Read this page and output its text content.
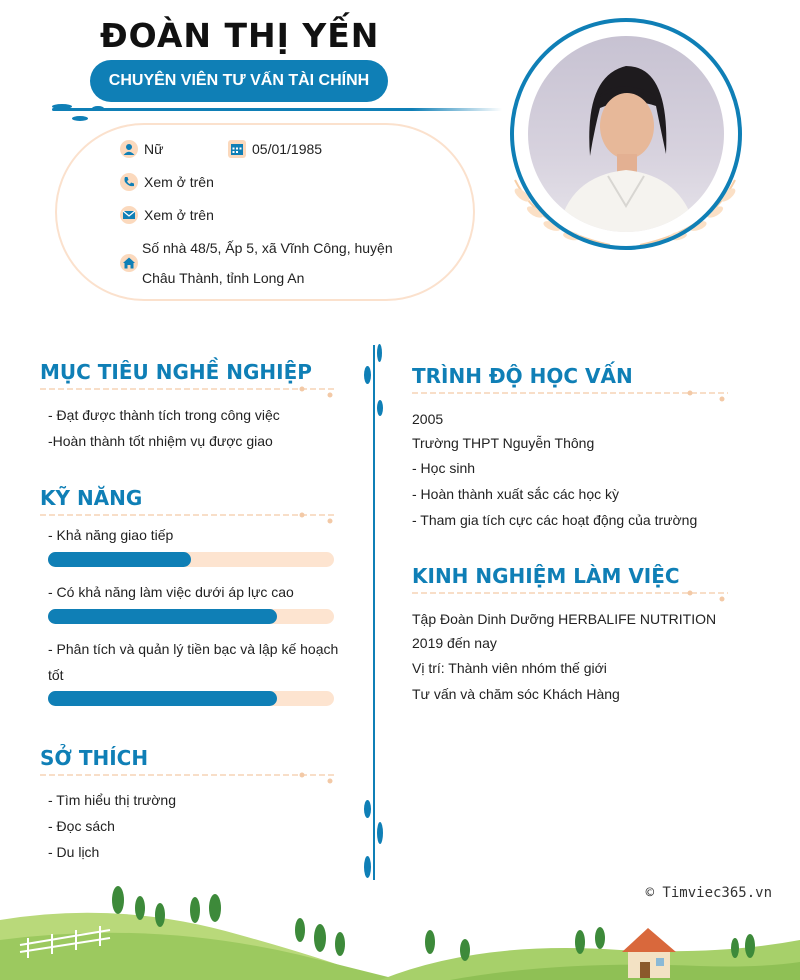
ĐOÀN THỊ YẾN
CHUYÊN VIÊN TƯ VẤN TÀI CHÍNH
Nữ	05/01/1985
Xem ở trên
Xem ở trên
Số nhà 48/5, Ấp 5, xã Vĩnh Công, huyện
Châu Thành, tỉnh Long An
MỤC TIÊU NGHỀ NGHIỆP
- Đạt được thành tích trong công việc
-Hoàn thành tốt nhiệm vụ được giao
KỸ NĂNG
- Khả năng giao tiếp
- Có khả năng làm việc dưới áp lực cao
- Phân tích và quản lý tiền bạc và lập kế hoạch
tốt
SỞ THÍCH
- Tìm hiểu thị trường
- Đọc sách
- Du lịch
TRÌNH ĐỘ HỌC VẤN
2005
Trường THPT Nguyễn Thông
- Học sinh
- Hoàn thành xuất sắc các học kỳ
- Tham gia tích cực các hoạt động của trường
KINH NGHIỆM LÀM VIỆC
Tập Đoàn Dinh Dưỡng HERBALIFE NUTRITION
2019 đến nay
Vị trí: Thành viên nhóm thế giới
Tư vấn và chăm sóc Khách Hàng
© Timviec365.vn
